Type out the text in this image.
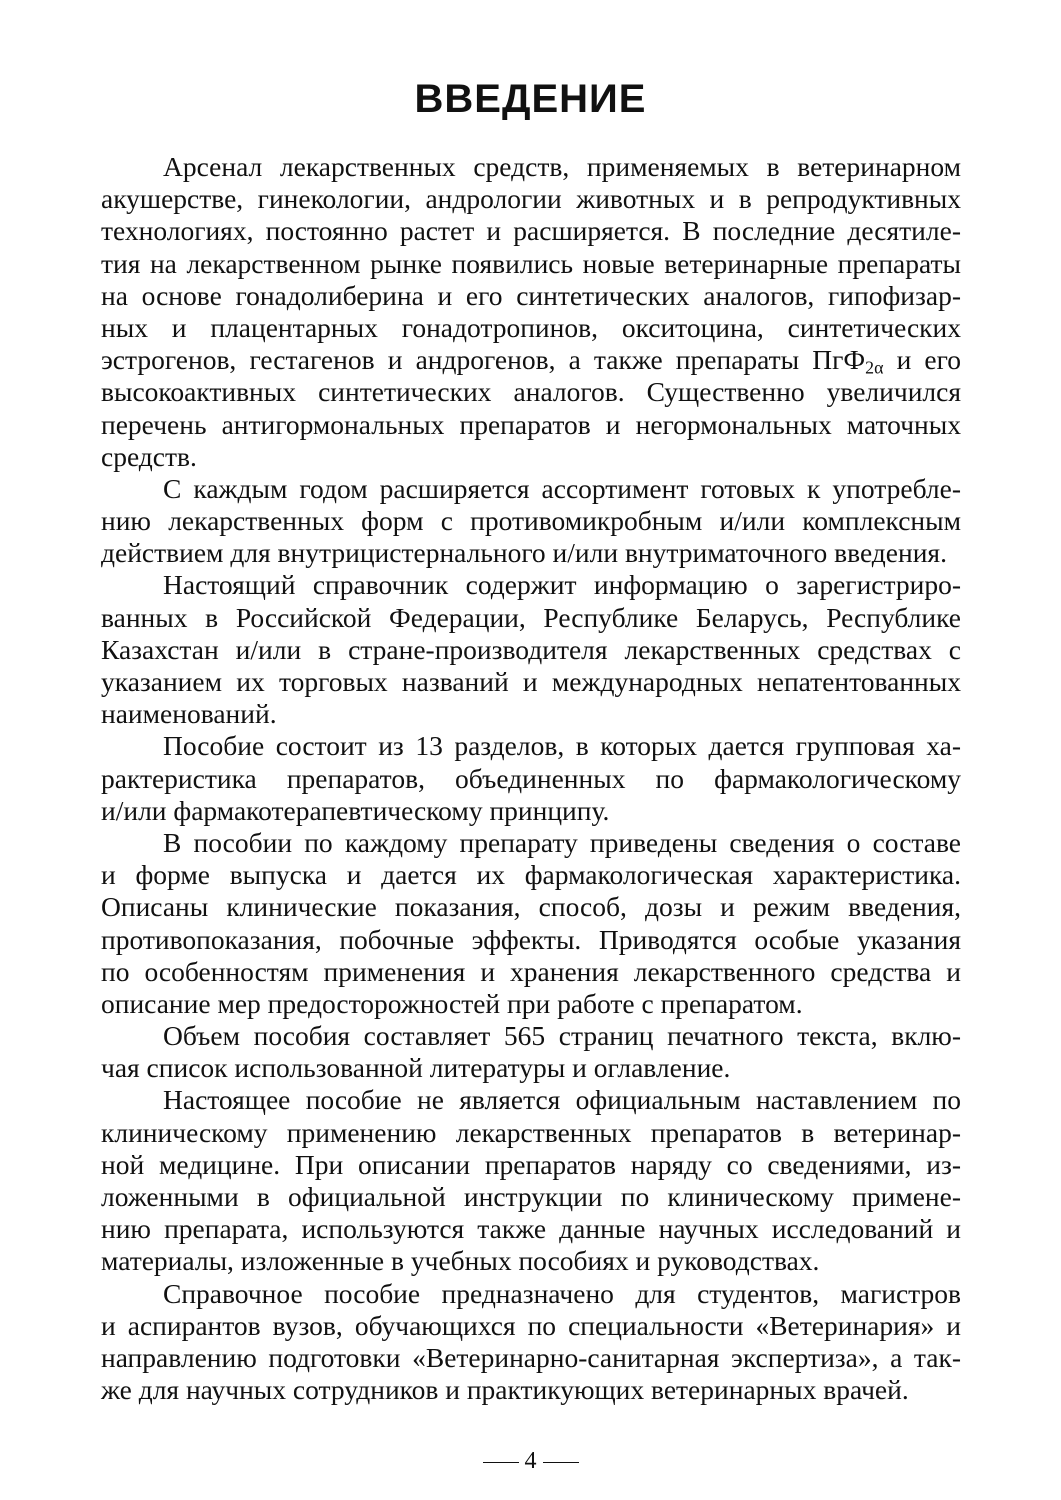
ВВЕДЕНИЕ
Арсенал лекарственных средств, применяемых в ветеринарном
акушерстве, гинекологии, андрологии животных и в репродуктивных
технологиях, постоянно растет и расширяется. В последние десятиле-
тия на лекарственном рынке появились новые ветеринарные препараты
на основе гонадолиберина и его синтетических аналогов, гипофизар-
ных и плацентарных гонадотропинов, окситоцина, синтетических
эстрогенов, гестагенов и андрогенов, а также препараты ПгФ$_{2\alpha}$ и его
высокоактивных синтетических аналогов. Существенно увеличился
перечень антигормональных препаратов и негормональных маточных
средств.
С каждым годом расширяется ассортимент готовых к употребле-
нию лекарственных форм с противомикробным и/или комплексным
действием для внутрицистернального и/или внутриматочного введения.
Настоящий справочник содержит информацию о зарегистриро-
ванных в Российской Федерации, Республике Беларусь, Республике
Казахстан и/или в стране-производителя лекарственных средствах с
указанием их торговых названий и международных непатентованных
наименований.
Пособие состоит из 13 разделов, в которых дается групповая ха-
рактеристика препаратов, объединенных по фармакологическому
и/или фармакотерапевтическому принципу.
В пособии по каждому препарату приведены сведения о составе
и форме выпуска и дается их фармакологическая характеристика.
Описаны клинические показания, способ, дозы и режим введения,
противопоказания, побочные эффекты. Приводятся особые указания
по особенностям применения и хранения лекарственного средства и
описание мер предосторожностей при работе с препаратом.
Объем пособия составляет 565 страниц печатного текста, вклю-
чая список использованной литературы и оглавление.
Настоящее пособие не является официальным наставлением по
клиническому применению лекарственных препаратов в ветеринар-
ной медицине. При описании препаратов наряду со сведениями, из-
ложенными в официальной инструкции по клиническому примене-
нию препарата, используются также данные научных исследований и
материалы, изложенные в учебных пособиях и руководствах.
Справочное пособие предназначено для студентов, магистров
и аспирантов вузов, обучающихся по специальности «Ветеринария» и
направлению подготовки «Ветеринарно-санитарная экспертиза», а так-
же для научных сотрудников и практикующих ветеринарных врачей.
4
